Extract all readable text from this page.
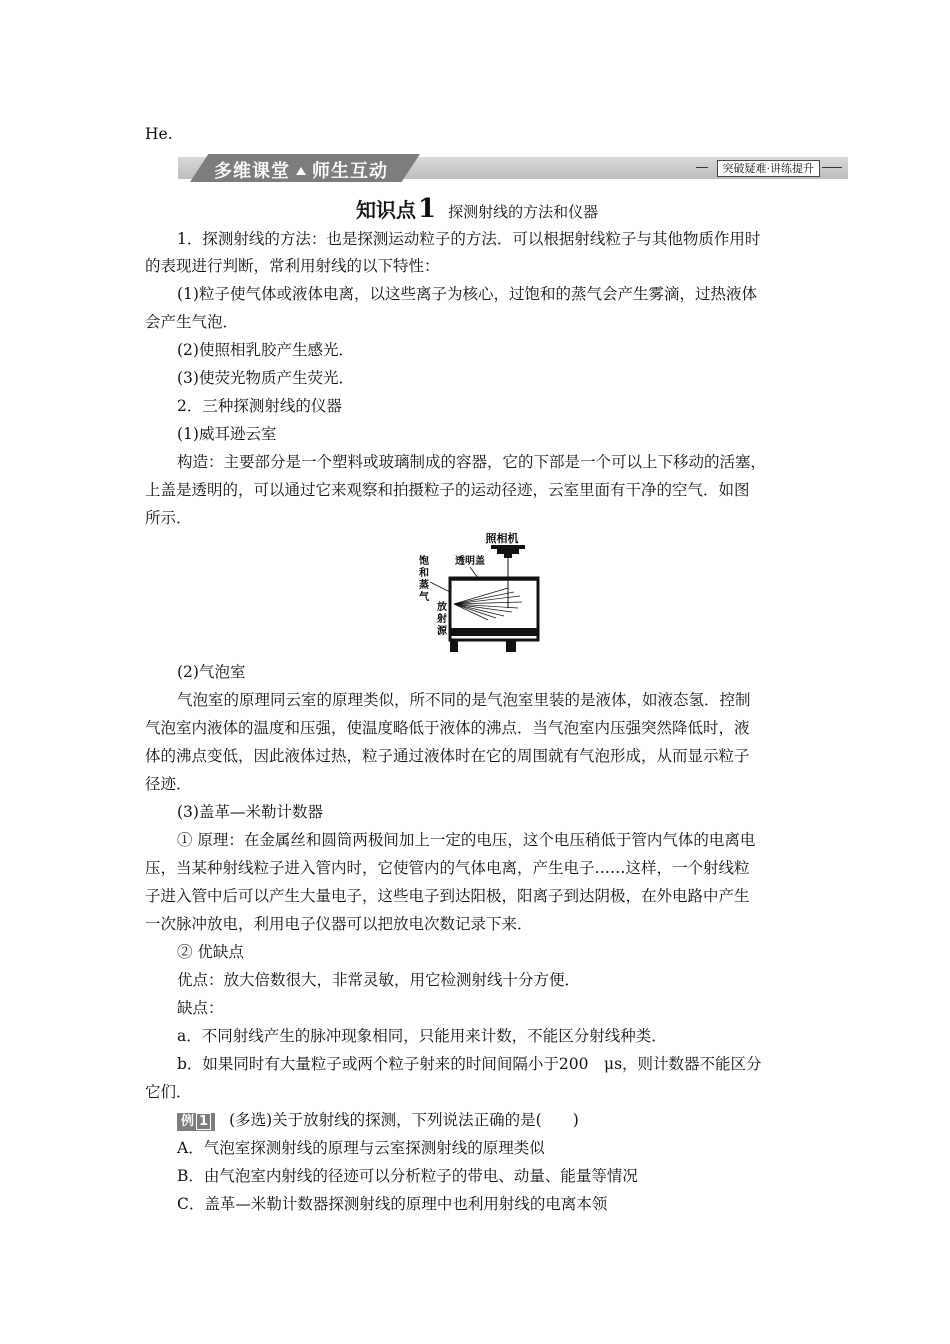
He.
多维课堂 师生互动	突破疑难·讲练提升
知识点1 探测射线的方法和仪器
1．探测射线的方法：也是探测运动粒子的方法．可以根据射线粒子与其他物质作用时
的表现进行判断，常利用射线的以下特性：
(1)粒子使气体或液体电离，以这些离子为核心，过饱和的蒸气会产生雾滴，过热液体
会产生气泡．
(2)使照相乳胶产生感光．
(3)使荧光物质产生荧光．
2．三种探测射线的仪器
(1)威耳逊云室
构造：主要部分是一个塑料或玻璃制成的容器，它的下部是一个可以上下移动的活塞，
上盖是透明的，可以通过它来观察和拍摄粒子的运动径迹，云室里面有干净的空气．如图
所示．
照相机
透明盖
饱
和
蒸
气
放
射
源
(2)气泡室
气泡室的原理同云室的原理类似，所不同的是气泡室里装的是液体，如液态氢．控制
气泡室内液体的温度和压强，使温度略低于液体的沸点．当气泡室内压强突然降低时，液
体的沸点变低，因此液体过热，粒子通过液体时在它的周围就有气泡形成，从而显示粒子
径迹．
(3)盖革—米勒计数器
① 原理：在金属丝和圆筒两极间加上一定的电压，这个电压稍低于管内气体的电离电
压，当某种射线粒子进入管内时，它使管内的气体电离，产生电子……这样，一个射线粒
子进入管中后可以产生大量电子，这些电子到达阳极，阳离子到达阴极，在外电路中产生
一次脉冲放电，利用电子仪器可以把放电次数记录下来．
② 优缺点
优点：放大倍数很大，非常灵敏，用它检测射线十分方便．
缺点：
a．不同射线产生的脉冲现象相同，只能用来计数，不能区分射线种类．
b．如果同时有大量粒子或两个粒子射来的时间间隔小于200　μs，则计数器不能区分
它们．
例 1 (多选)关于放射线的探测，下列说法正确的是(　　)
A．气泡室探测射线的原理与云室探测射线的原理类似
B．由气泡室内射线的径迹可以分析粒子的带电、动量、能量等情况
C．盖革—米勒计数器探测射线的原理中也利用射线的电离本领
